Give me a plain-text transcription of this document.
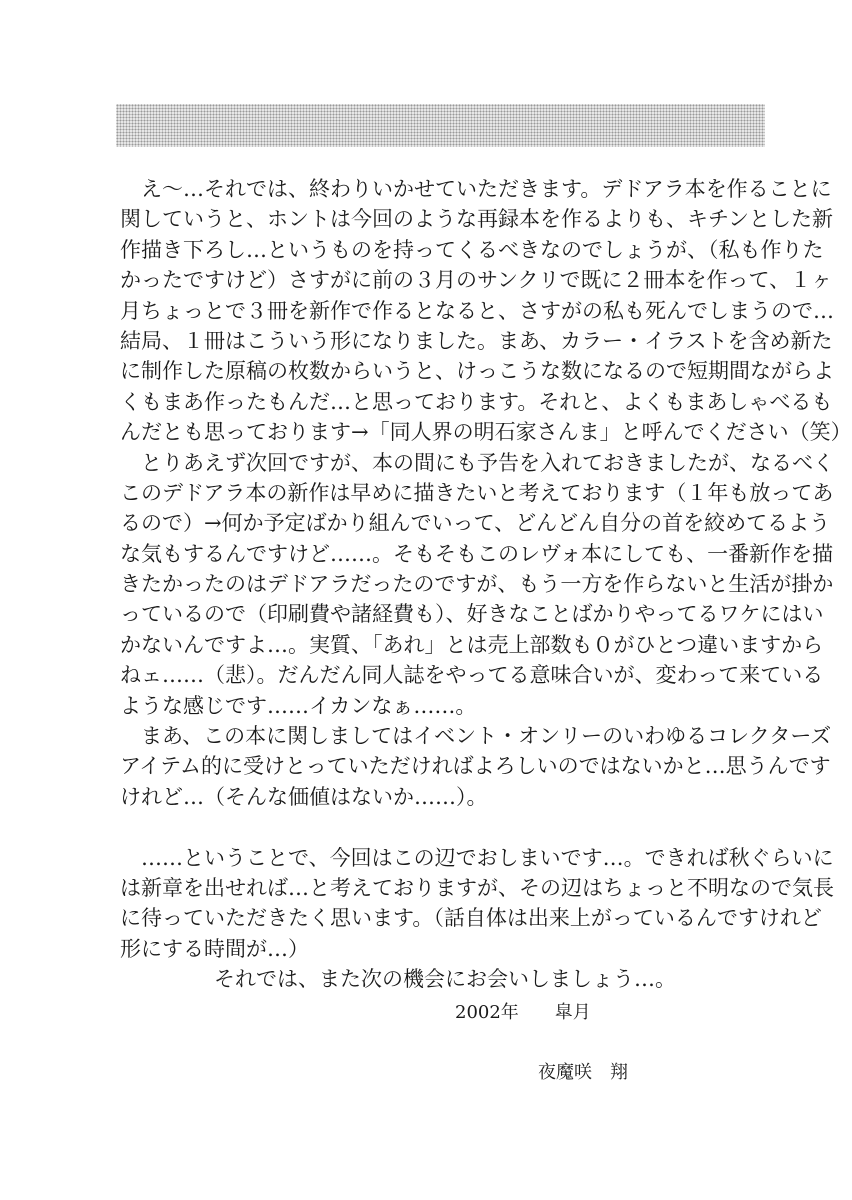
　え～…それでは、終わりいかせていただきます。デドアラ本を作ることに
関していうと、ホントは今回のような再録本を作るよりも、キチンとした新
作描き下ろし…というものを持ってくるべきなのでしょうが、（私も作りた
かったですけど）さすがに前の３月のサンクリで既に２冊本を作って、１ヶ
月ちょっとで３冊を新作で作るとなると、さすがの私も死んでしまうので…
結局、１冊はこういう形になりました。まあ、カラー・イラストを含め新た
に制作した原稿の枚数からいうと、けっこうな数になるので短期間ながらよ
くもまあ作ったもんだ…と思っております。それと、よくもまあしゃべるも
んだとも思っております→「同人界の明石家さんま」と呼んでください（笑）
　とりあえず次回ですが、本の間にも予告を入れておきましたが、なるべく
このデドアラ本の新作は早めに描きたいと考えております（１年も放ってあ
るので）→何か予定ばかり組んでいって、どんどん自分の首を絞めてるよう
な気もするんですけど……。そもそもこのレヴォ本にしても、一番新作を描
きたかったのはデドアラだったのですが、もう一方を作らないと生活が掛か
っているので（印刷費や諸経費も）、好きなことばかりやってるワケにはい
かないんですよ…。実質、「あれ」とは売上部数も０がひとつ違いますから
ねェ……（悲）。だんだん同人誌をやってる意味合いが、変わって来ている
ような感じです……イカンなぁ……。
　まあ、この本に関しましてはイベント・オンリーのいわゆるコレクターズ
アイテム的に受けとっていただければよろしいのではないかと…思うんです
けれど…（そんな価値はないか……）。
　……ということで、今回はこの辺でおしまいです…。できれば秋ぐらいに
は新章を出せれば…と考えておりますが、その辺はちょっと不明なので気長
に待っていただきたく思います。（話自体は出来上がっているんですけれど
形にする時間が…）
それでは、また次の機会にお会いしましょう…。
2002年　　皐月
夜魔咲　翔
